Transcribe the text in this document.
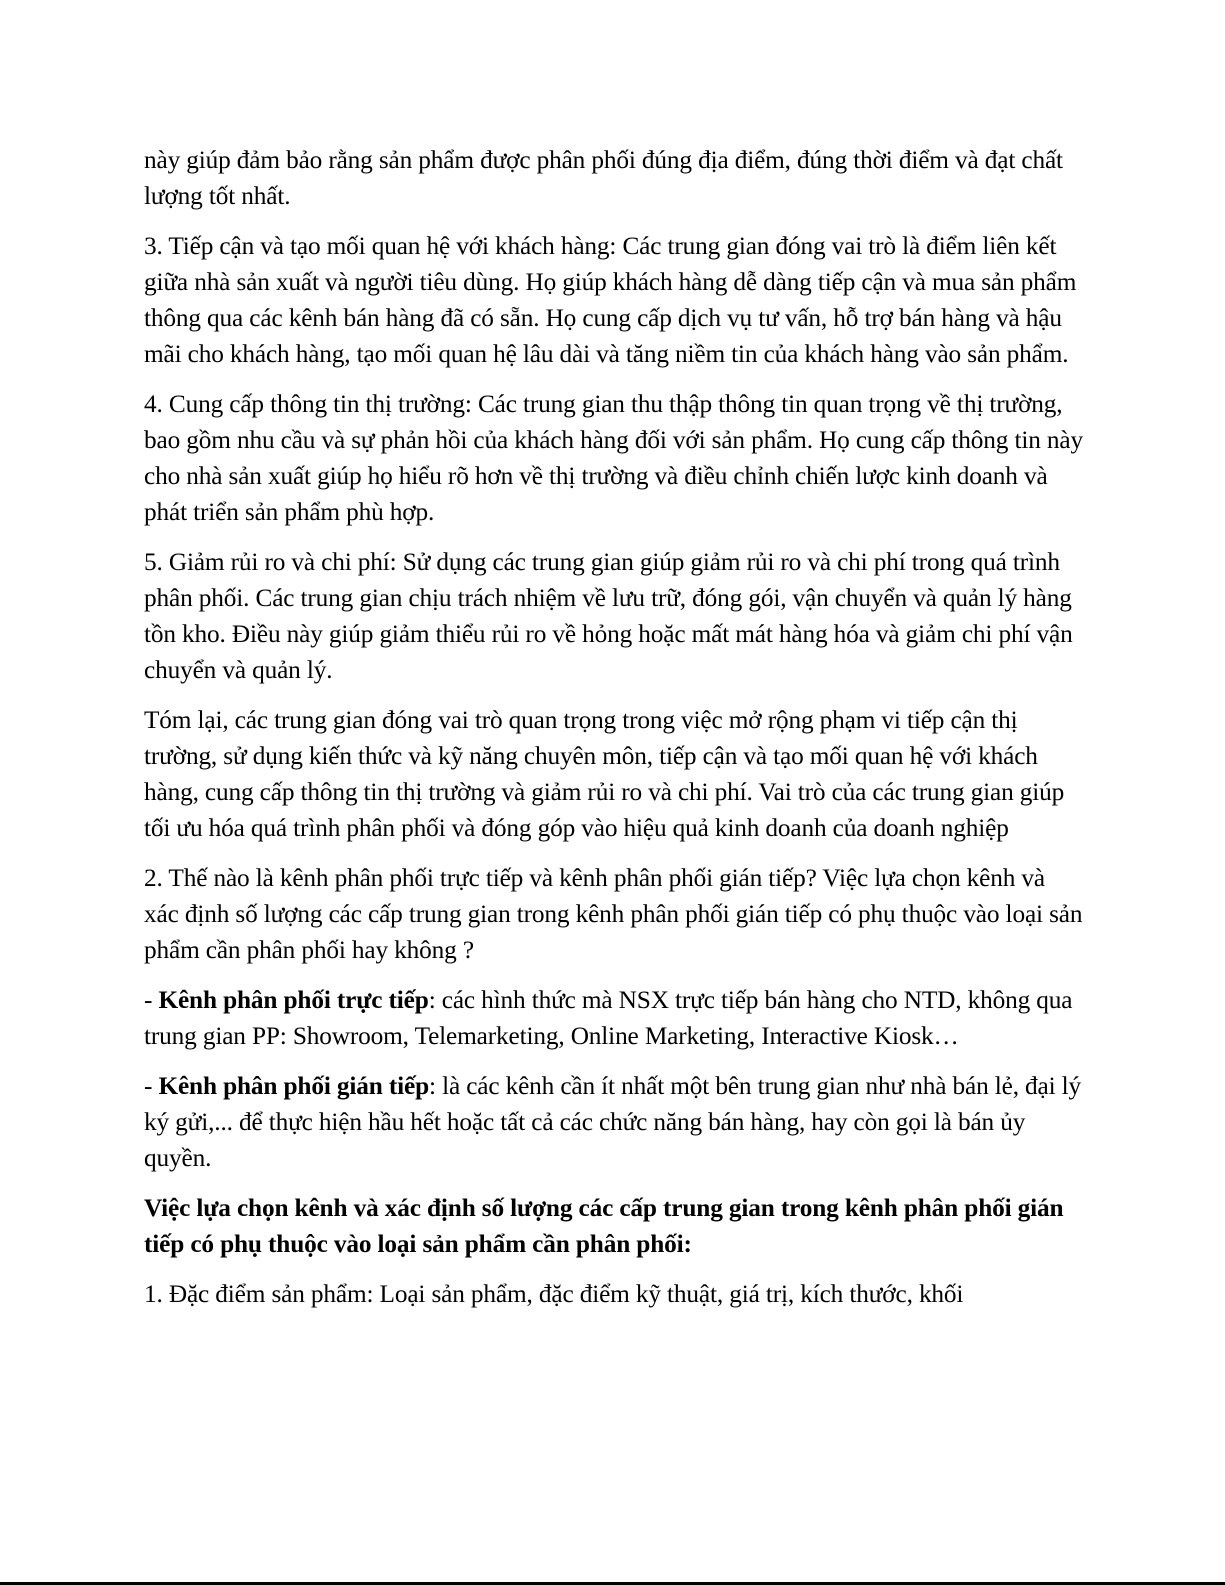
này giúp đảm bảo rằng sản phẩm được phân phối đúng địa điểm, đúng thời điểm và đạt chất lượng tốt nhất.

3. Tiếp cận và tạo mối quan hệ với khách hàng: Các trung gian đóng vai trò là điểm liên kết giữa nhà sản xuất và người tiêu dùng. Họ giúp khách hàng dễ dàng tiếp cận và mua sản phẩm thông qua các kênh bán hàng đã có sẵn. Họ cung cấp dịch vụ tư vấn, hỗ trợ bán hàng và hậu mãi cho khách hàng, tạo mối quan hệ lâu dài và tăng niềm tin của khách hàng vào sản phẩm.

4. Cung cấp thông tin thị trường: Các trung gian thu thập thông tin quan trọng về thị trường, bao gồm nhu cầu và sự phản hồi của khách hàng đối với sản phẩm. Họ cung cấp thông tin này cho nhà sản xuất giúp họ hiểu rõ hơn về thị trường và điều chỉnh chiến lược kinh doanh và phát triển sản phẩm phù hợp.

5. Giảm rủi ro và chi phí: Sử dụng các trung gian giúp giảm rủi ro và chi phí trong quá trình phân phối. Các trung gian chịu trách nhiệm về lưu trữ, đóng gói, vận chuyển và quản lý hàng tồn kho. Điều này giúp giảm thiểu rủi ro về hỏng hoặc mất mát hàng hóa và giảm chi phí vận chuyển và quản lý.

Tóm lại, các trung gian đóng vai trò quan trọng trong việc mở rộng phạm vi tiếp cận thị trường, sử dụng kiến thức và kỹ năng chuyên môn, tiếp cận và tạo mối quan hệ với khách hàng, cung cấp thông tin thị trường và giảm rủi ro và chi phí. Vai trò của các trung gian giúp tối ưu hóa quá trình phân phối và đóng góp vào hiệu quả kinh doanh của doanh nghiệp

2. Thế nào là kênh phân phối trực tiếp và kênh phân phối gián tiếp? Việc lựa chọn kênh và xác định số lượng các cấp trung gian trong kênh phân phối gián tiếp có phụ thuộc vào loại sản phẩm cần phân phối hay không ?

- Kênh phân phối trực tiếp: các hình thức mà NSX trực tiếp bán hàng cho NTD, không qua trung gian PP: Showroom, Telemarketing, Online Marketing, Interactive Kiosk…

- Kênh phân phối gián tiếp: là các kênh cần ít nhất một bên trung gian như nhà bán lẻ, đại lý ký gửi,... để thực hiện hầu hết hoặc tất cả các chức năng bán hàng, hay còn gọi là bán ủy quyền.

Việc lựa chọn kênh và xác định số lượng các cấp trung gian trong kênh phân phối gián tiếp có phụ thuộc vào loại sản phẩm cần phân phối:

1. Đặc điểm sản phẩm: Loại sản phẩm, đặc điểm kỹ thuật, giá trị, kích thước, khối
